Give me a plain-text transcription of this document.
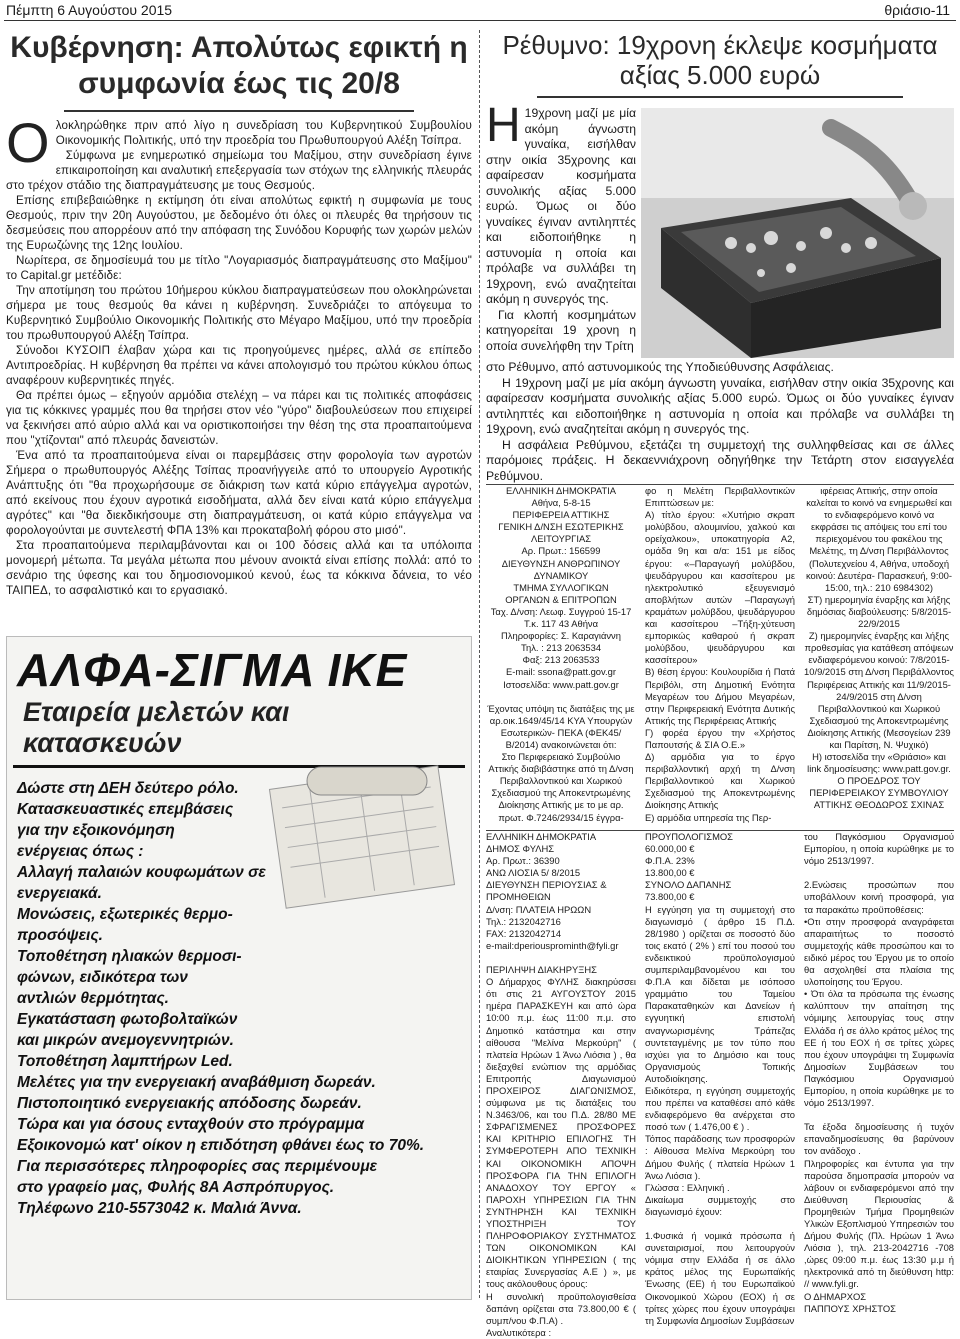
Πέμπτη 6 Αυγούστου 2015	θριάσιο-11
Κυβέρνηση: Απολύτως εφικτή η
συμφωνία έως τις 20/8

Ολοκληρώθηκε πριν από λίγο η συνεδρίαση του Κυβερνητικού Συμβουλίου Οικονομικής Πολιτικής, υπό την προεδρία του Πρωθυπουργού Αλέξη Τσίπρα.

Σύμφωνα με ενημερωτικό σημείωμα του Μαξίμου, στην συνεδρίαση έγινε επικαιροποίηση και αναλυτική επεξεργασία των στόχων της ελληνικής πλευράς στο τρέχον στάδιο της διαπραγμάτευσης με τους Θεσμούς.

Επίσης επιβεβαιώθηκε η εκτίμηση ότι είναι απολύτως εφικτή η συμφωνία με τους Θεσμούς, πριν την 20η Αυγούστου, με δεδομένο ότι όλες οι πλευρές θα τηρήσουν τις δεσμεύσεις που απορρέουν από την απόφαση της Συνόδου Κορυφής των χωρών μελών της Ευρωζώνης της 12ης Ιουλίου.

Νωρίτερα, σε δημοσίευμά του με τίτλο "Λογαριασμός διαπραγμάτευσης στο Μαξίμου" το Capital.gr μετέδιδε:

Την αποτίμηση του πρώτου 10ήμερου κύκλου διαπραγματεύσεων που ολοκληρώνεται σήμερα με τους θεσμούς θα κάνει η κυβέρνηση. Συνεδριάζει το απόγευμα το Κυβερνητικό Συμβούλιο Οικονομικής Πολιτικής στο Μέγαρο Μαξίμου, υπό την προεδρία του πρωθυπουργού Αλέξη Τσίπρα.

Σύνοδοι ΚΥΣΟΙΠ έλαβαν χώρα και τις προηγούμενες ημέρες, αλλά σε επίπεδο Αντιπροεδρίας. Η κυβέρνηση θα πρέπει να κάνει απολογισμό του πρώτου κύκλου όπως αναφέρουν κυβερνητικές πηγές.

Θα πρέπει όμως – εξηγούν αρμόδια στελέχη – να πάρει και τις πολιτικές αποφάσεις για τις κόκκινες γραμμές που θα τηρήσει στον νέο "γύρο" διαβουλεύσεων που επιχειρεί να ξεκινήσει από αύριο αλλά και να οριστικοποιήσει την θέση της στα προαπαιτούμενα που "χτίζονται" από πλευράς δανειστών.

Ένα από τα προαπαιτούμενα είναι οι παρεμβάσεις στην φορολογία των αγροτών Σήμερα ο πρωθυπουργός Αλέξης Τσίπας προανήγγειλε από το υπουργείο Αγροτικής Ανάπτυξης ότι "θα προχωρήσουμε σε διάκριση των κατά κύριο επάγγελμα αγροτών, από εκείνους που έχουν αγροτικά εισοδήματα, αλλά δεν είναι κατά κύριο επάγγελμα αγρότες" και "θα διεκδικήσουμε στη διαπραγμάτευση, οι κατά κύριο επάγγελμα να φορολογούνται με συντελεστή ΦΠΑ 13% και προκαταβολή φόρου στο μισό".

Στα προαπαιτούμενα περιλαμβάνονται και οι 100 δόσεις αλλά και τα υπόλοιπα μονομερή μέτωπα. Τα μεγάλα μέτωπα που μένουν ανοικτά είναι επίσης πολλά: από το σενάριο της ύφεσης και του δημοσιονομικού κενού, έως τα κόκκινα δάνεια, το νέο ΤΑΙΠΕΔ, το ασφαλιστικό και το εργασιακό.

ΑΛΦΑ-ΣΙΓΜΑ ΙΚΕ
Εταιρεία μελετών και κατασκευών
Δώστε στη ΔΕΗ δεύτερο ρόλο.
Κατασκευαστικές επεμβάσεις
για την εξοικονόμηση
ενέργειας όπως :
Αλλαγή παλαιών κουφωμάτων σε
ενεργειακά.
Μονώσεις, εξωτερικές θερμο-
προσόψεις.
Τοποθέτηση ηλιακών θερμοσι-
φώνων, ειδικότερα των
αντλιών θερμότητας.
Εγκατάσταση φωτοβολταϊκών
και μικρών ανεμογεννητριών.
Τοποθέτηση λαμπτήρων Led.
Μελέτες για την ενεργειακή αναβάθμιση δωρεάν.
Πιστοποιητικό ενεργειακής απόδοσης δωρεάν.
Τώρα και για όσους ενταχθούν στο πρόγραμμα
Εξοικονομώ κατ' οίκον η επιδότηση φθάνει έως το 70%.
Για περισσότερες πληροφορίες σας περιμένουμε
στο γραφείο μας, Φυλής 8Α Ασπρόπυργος.
Τηλέφωνο 210-5573042 κ. Μαλιά Άννα.
Ρέθυμνο: 19χρονη έκλεψε κοσμήματα
αξίας 5.000 ευρώ

Η 19χρονη μαζί με μία ακόμη άγνωστη γυναίκα, εισήλθαν στην οικία 35χρονης και αφαίρεσαν κοσμήματα συνολικής αξίας 5.000 ευρώ. Όμως οι δύο γυναίκες έγιναν αντιληπτές και ειδοποιήθηκε η αστυνομία η οποία και πρόλαβε να συλλάβει τη 19χρονη, ενώ αναζητείται ακόμη η συνεργός της.

Για κλοπή κοσμημάτων κατηγορείται 19 χρονη η οποία συνελήφθη την Τρίτη

στο Ρέθυμνο, από αστυνομικούς της Υποδιεύθυνσης Ασφάλειας.

Η 19χρονη μαζί με μία ακόμη άγνωστη γυναίκα, εισήλθαν στην οικία 35χρονης και αφαίρεσαν κοσμήματα συνολικής αξίας 5.000 ευρώ. Όμως οι δύο γυναίκες έγιναν αντιληπτές και ειδοποιήθηκε η αστυνομία η οποία και πρόλαβε να συλλάβει τη 19χρονη, ενώ αναζητείται ακόμη η συνεργός της.

Η ασφάλεια Ρεθύμνου, εξετάζει τη συμμετοχή της συλληφθείσας και σε άλλες παρόμοιες πράξεις. Η δεκαεννιάχρονη οδηγήθηκε την Τετάρτη στον εισαγγελέα Ρεθύμνου.

ΕΛΛΗΝΙΚΗ ΔΗΜΟΚΡΑΤΙΑ
Αθήνα, 5-8-15
ΠΕΡΙΦΕΡΕΙΑ ΑΤΤΙΚΗΣ
ΓΕΝΙΚΗ Δ/ΝΣΗ ΕΣΩΤΕΡΙΚΗΣ
ΛΕΙΤΟΥΡΓΙΑΣ
Αρ. Πρωτ.: 156599
ΔΙΕΥΘΥΝΣΗ ΑΝΘΡΩΠΙΝΟΥ
ΔΥΝΑΜΙΚΟΥ
ΤΜΗΜΑ ΣΥΛΛΟΓΙΚΩΝ
ΟΡΓΑΝΩΝ & ΕΠΙΤΡΟΠΩΝ
Ταχ. Δ/νση: Λεωφ. Συγγρού 15-17
Τ.κ. 117 43 Αθήνα
Πληροφορίες: Σ. Καραγιάννη
Τηλ. : 213 2063534
Φαξ: 213 2063533
E-mail: ssona@patt.gov.gr
Ιστοσελίδα: www.patt.gov.gr

Έχοντας υπόψη τις διατάξεις της με αρ.οικ.1649/45/14 ΚΥΑ Υπουργών Εσωτερικών- ΠΕΚΑ (ΦΕΚ45/Β/2014) ανακοινώνεται ότι:
Στο Περιφερειακό Συμβούλιο Αττικής διαβιβάστηκε από τη Δ/νση Περιβαλλοντικού και Χωρικού Σχεδιασμού της Αποκεντρωμένης Διοίκησης Αττικής με το με αρ. πρωτ. Φ.7246/2934/15 έγγρα-
φο η Μελέτη Περιβαλλοντικών Επιπτώσεων με:
Α) τίτλο έργου: «Χυτήριο σκραπ μολύβδου, αλουμινίου, χαλκού και ορείχαλκου», υποκατηγορία Α2, ομάδα 9η και α/α: 151 με είδος έργου: «–Παραγωγή μολύβδου, ψευδάργυρου και κασσίτερου με ηλεκτρολυτικό εξευγενισμό αποβλήτων αυτών –Παραγωγή κραμάτων μολύβδου, ψευδάργυρου και κασσίτερου –Τήξη-χύτευση εμπορικώς καθαρού ή σκραπ μολύβδου, ψευδάργυρου και κασσίτερου»
Β) θέση έργου: Κουλουρίδια ή Πατά Περιβόλι, στη Δημοτική Ενότητα Μεγαρέων του Δήμου Μεγαρέων, στην Περιφερειακή Ενότητα Δυτικής Αττικής της Περιφέρειας Αττικής
Γ) φορέα έργου την «Χρήστος Παπουτσής & ΣΙΑ Ο.Ε.»
Δ) αρμόδια για το έργο περιβαλλοντική αρχή τη Δ/νση Περιβαλλοντικού και Χωρικού Σχεδιασμού της Αποκεντρωμένης Διοίκησης Αττικής
Ε) αρμόδια υπηρεσία της Περ-
ιφέρειας Αττικής, στην οποία καλείται το κοινό να ενημερωθεί και το ενδιαφερόμενο κοινό να εκφράσει τις απόψεις του επί του περιεχομένου του φακέλου της Μελέτης, τη Δ/νση Περιβάλλοντος (Πολυτεχνείου 4, Αθήνα, υποδοχή κοινού: Δευτέρα- Παρασκευή, 9:00-15:00, τηλ.: 210 6984302)
ΣΤ) ημερομηνία έναρξης και λήξης δημόσιας διαβούλευσης: 5/8/2015- 22/9/2015
Ζ) ημερομηνίες έναρξης και λήξης προθεσμίας για κατάθεση απόψεων ενδιαφερόμενου κοινού: 7/8/2015- 10/9/2015 στη Δ/νση Περιβάλλοντος Περιφέρειας Αττικής και 11/9/2015- 24/9/2015 στη Δ/νση Περιβαλλοντικού και Χωρικού Σχεδιασμού της Αποκεντρωμένης Διοίκησης Αττικής (Μεσογείων 239 και Παρίτση, Ν. Ψυχικό)
Η) ιστοσελίδα την «Θριάσιο» και link δημοσίευσης: www.patt.gov.gr.
Ο ΠΡΟΕΔΡΟΣ ΤΟΥ ΠΕΡΙΦΕΡΕΙΑΚΟΥ ΣΥΜΒΟΥΛΙΟΥ ΑΤΤΙΚΗΣ ΘΕΟΔΩΡΟΣ ΣΧΙΝΑΣ
ΕΛΛΗΝΙΚΗ ΔΗΜΟΚΡΑΤΙΑ
ΔΗΜΟΣ ΦΥΛΗΣ
Αρ. Πρωτ.: 36390
ΑΝΩ ΛΙΟΣΙΑ 5/ 8/2015
ΔΙΕΥΘΥΝΣΗ ΠΕΡΙΟΥΣΙΑΣ &
ΠΡΟΜΗΘΕΙΩΝ
Δ/νση: ΠΛΑΤΕΙΑ ΗΡΩΩΝ
Τηλ.: 2132042716
FAX: 2132042714
e-mail:dperiousprominth@fyli.gr

ΠΕΡΙΛΗΨΗ ΔΙΑΚΗΡΥΞΗΣ
Ο Δήμαρχος ΦΥΛΗΣ διακηρύσσει ότι στις 21 ΑΥΓΟΥΣΤΟΥ 2015 ημέρα ΠΑΡΑΣΚΕΥΗ και από ώρα 10:00 π.μ. έως 11:00 π.μ. στο Δημοτικό κατάστημα και στην αίθουσα "Μελίνα Μερκούρη" ( πλατεία Ηρώων 1 Άνω Λιόσια ) , θα διεξαχθεί ενώπιον της αρμόδιας Επιτροπής Διαγωνισμού ΠΡΟΧΕΙΡΟΣ ΔΙΑΓΩΝΙΣΜΟΣ, σύμφωνα με τις διατάξεις του Ν.3463/06, και του Π.Δ. 28/80 ΜΕ ΣΦΡΑΓΙΣΜΕΝΕΣ ΠΡΟΣΦΟΡΕΣ ΚΑΙ ΚΡΙΤΗΡΙΟ ΕΠΙΛΟΓΗΣ ΤΗ ΣΥΜΦΕΡΟΤΕΡΗ ΑΠΟ ΤΕΧΝΙΚΗ ΚΑΙ ΟΙΚΟΝΟΜΙΚΗ ΑΠΟΨΗ ΠΡΟΣΦΟΡΑ ΓΙΑ ΤΗΝ ΕΠΙΛΟΓΗ ΑΝΑΔΟΧΟΥ ΤΟΥ ΕΡΓΟΥ « ΠΑΡΟΧΗ ΥΠΗΡΕΣΙΩΝ ΓΙΑ ΤΗΝ ΣΥΝΤΗΡΗΣΗ ΚΑΙ ΤΕΧΝΙΚΗ ΥΠΟΣΤΗΡΙΞΗ ΤΟΥ ΠΛΗΡΟΦΟΡΙΑΚΟΥ ΣΥΣΤΗΜΑΤΟΣ ΤΩΝ ΟΙΚΟΝΟΜΙΚΩΝ ΚΑΙ ΔΙΟΙΚΗΤΙΚΩΝ ΥΠΗΡΕΣΙΩΝ ( της εταιρίας Συνεργασίας Α.Ε ) », με τους ακόλουθους όρους:
Η συνολική προϋπολογισθείσα δαπάνη ορίζεται στα 73.800,00 € ( συμπ/νου Φ.Π.Α) .
Αναλυτικότερα :
ΠΡΟΥΠΟΛΟΓΙΣΜΟΣ
60.000,00 €
Φ.Π.Α. 23%
13.800,00 €
ΣΥΝΟΛΟ ΔΑΠΑΝΗΣ
73.800,00 €
Η εγγύηση για τη συμμετοχή στο διαγωνισμό ( άρθρο 15 Π.Δ. 28/1980 ) ορίζεται σε ποσοστό δύο τοις εκατό ( 2% ) επί του ποσού του ενδεικτικού προϋπολογισμού συμπεριλαμβανομένου και του Φ.Π.Α και δίδεται με ισόποσο γραμμάτιο του Ταμείου Παρακαταθηκών και Δανείων ή εγγυητική επιστολή αναγνωρισμένης Τράπεζας συντεταγμένης με τον τύπο που ισχύει για το Δημόσιο και τους Οργανισμούς Τοπικής Αυτοδιοίκησης.
Ειδικότερα, η εγγύηση συμμετοχής που πρέπει να καταθέσει από κάθε ενδιαφερόμενο θα ανέρχεται στο ποσό των ( 1.476,00 € ) .
Τόπος παράδοσης των προσφορών : Αίθουσα Μελίνα Μερκούρη του Δήμου Φυλής ( πλατεία Ηρώων 1 Άνω Λιόσια ).
Γλώσσα : Ελληνική .
Δικαίωμα συμμετοχής στο διαγωνισμό έχουν:

1.Φυσικά ή νομικά πρόσωπα ή συνεταιρισμοί, που λειτουργούν νόμιμα στην Ελλάδα ή σε άλλο κράτος μέλος της Ευρωπαϊκής Ένωσης (ΕΕ) ή του Ευρωπαϊκού Οικονομικού Χώρου (ΕΟΧ) ή σε τρίτες χώρες που έχουν υπογράψει τη Συμφωνία Δημοσίων Συμβάσεων
του Παγκόσμιου Οργανισμού Εμπορίου, η οποία κυρώθηκε με το νόμο 2513/1997.

2.Ενώσεις προσώπων που υποβάλλουν κοινή προσφορά, για τα παρακάτω προϋποθέσεις:
•Οτι στην προσφορά αναγράφεται απαραιτήτως το ποσοστό συμμετοχής κάθε προσώπου και το ειδικό μέρος του Έργου με το οποίο θα ασχοληθεί στα πλαίσια της υλοποίησης του Έργου.
• Ότι όλα τα πρόσωπα της ένωσης καλύπτουν την απαίτηση της νόμιμης λειτουργίας τους στην Ελλάδα ή σε άλλο κράτος μέλος της ΕΕ ή του ΕΟΧ ή σε τρίτες χώρες που έχουν υπογράψει τη Συμφωνία Δημοσίων Συμβάσεων του Παγκόσμιου Οργανισμού Εμπορίου, η οποία κυρώθηκε με το νόμο 2513/1997.

Τα έξοδα δημοσίευσης ή τυχόν επαναδημοσίευσης θα βαρύνουν τον ανάδοχο .
Πληροφορίες και έντυπα για την παρούσα δημοπρασία μπορούν να λάβουν οι ενδιαφερόμενοι από την Διεύθυνση Περιουσίας & Προμηθειών Τμήμα Προμηθειών Υλικών Εξοπλισμού Υπηρεσιών του Δήμου Φυλής (Πλ. Ηρώων 1 Άνω Λιόσια ), τηλ. 213-2042716 -708 ,ώρες 09:00 π.μ. έως 13:30 μ.μ ή ηλεκτρονικά από τη διεύθυνση http: // www.fyli.gr.
Ο ΔΗΜΑΡΧΟΣ
ΠΑΠΠΟΥΣ ΧΡΗΣΤΟΣ
